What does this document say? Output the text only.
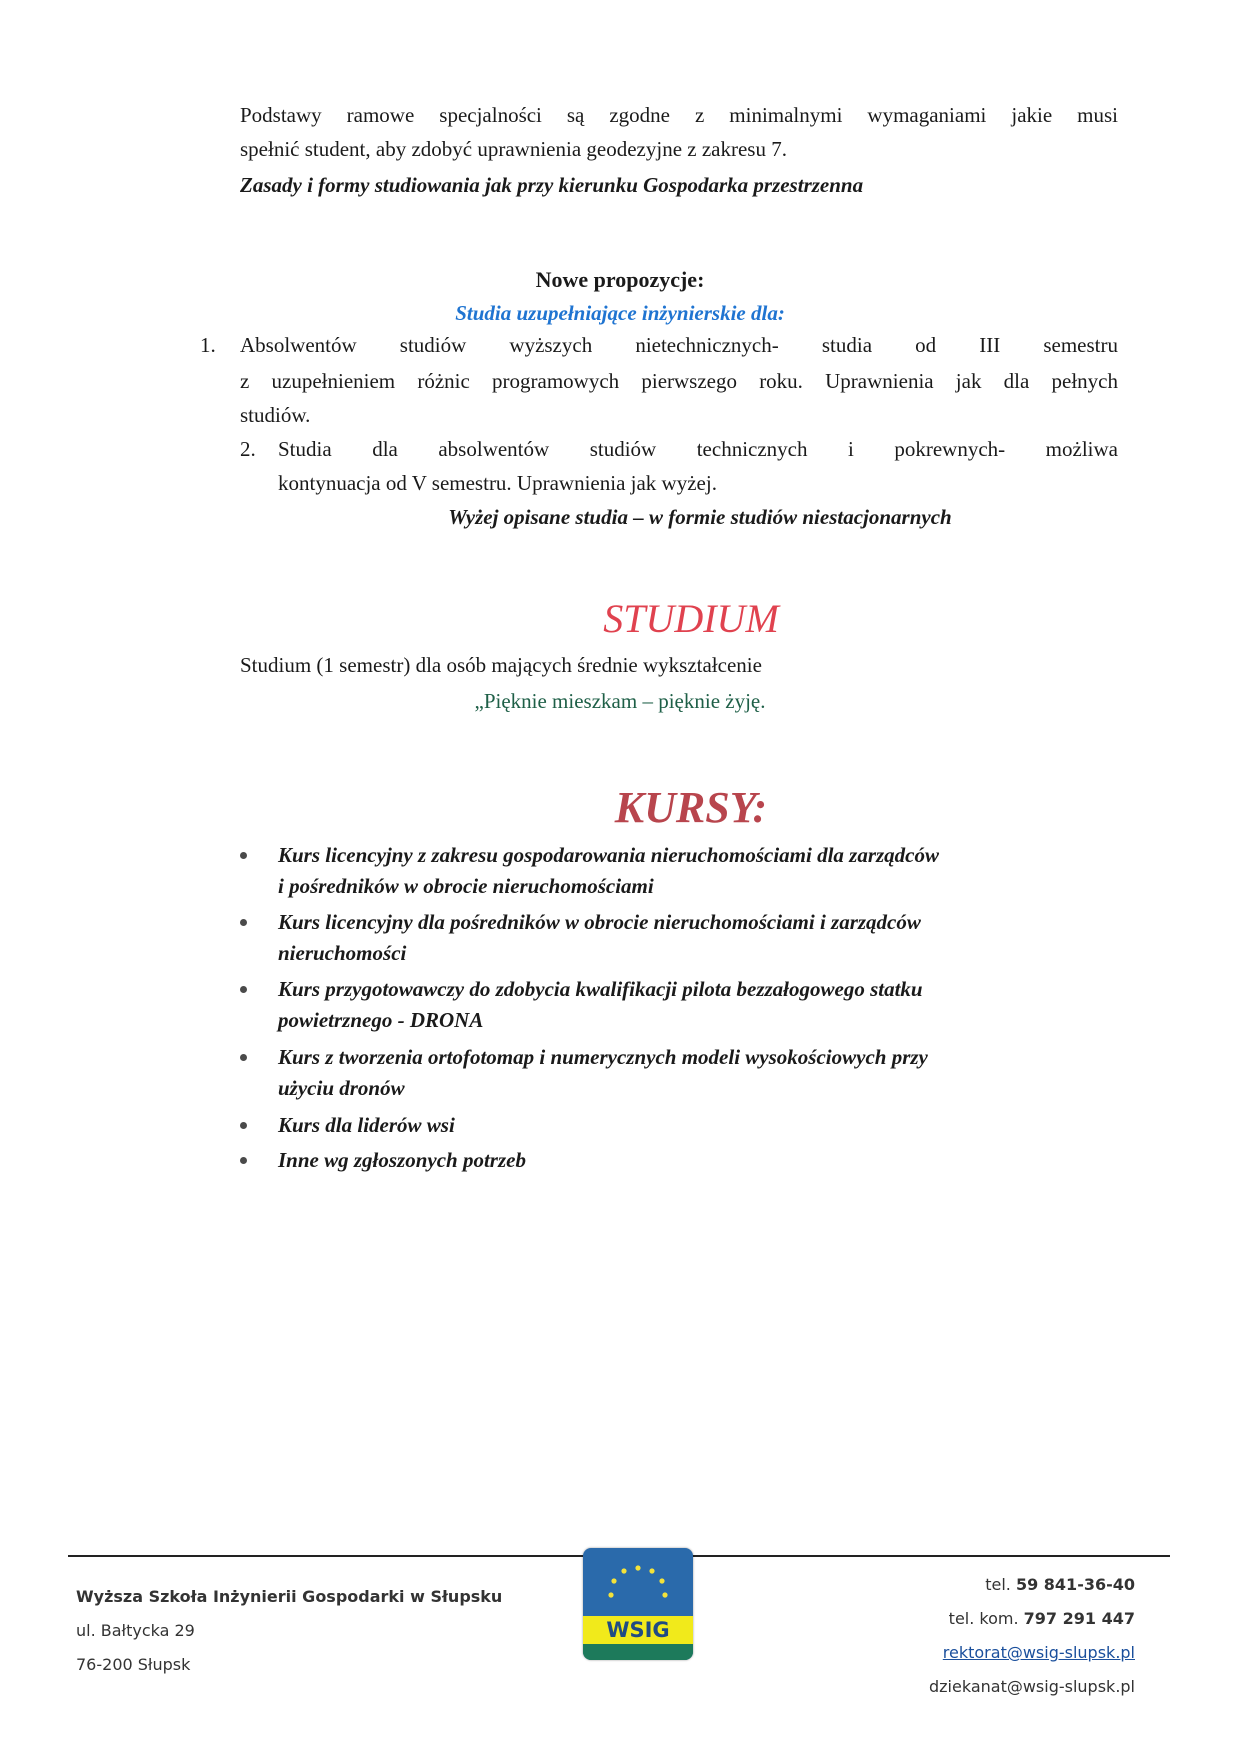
Podstawy ramowe specjalności są zgodne z minimalnymi wymaganiami jakie musi
spełnić student, aby zdobyć uprawnienia geodezyjne z zakresu 7.
Zasady i formy studiowania jak przy kierunku Gospodarka przestrzenna
Nowe propozycje:
Studia uzupełniające inżynierskie dla:
1. Absolwentów studiów wyższych nietechnicznych- studia od III semestru
z uzupełnieniem różnic programowych pierwszego roku. Uprawnienia jak dla pełnych
studiów.
2. Studia dla absolwentów studiów technicznych i pokrewnych- możliwa
kontynuacja od V semestru. Uprawnienia jak wyżej.
Wyżej opisane studia – w formie studiów niestacjonarnych
STUDIUM
Studium (1 semestr) dla osób mających średnie wykształcenie
„Pięknie mieszkam – pięknie żyję.
KURSY:
Kurs licencyjny z zakresu gospodarowania nieruchomościami dla zarządców
i pośredników w obrocie nieruchomościami
Kurs licencyjny dla pośredników w obrocie nieruchomościami i zarządców
nieruchomości
Kurs przygotowawczy do zdobycia kwalifikacji pilota bezzałogowego statku
powietrznego - DRONA
Kurs z tworzenia ortofotomap i numerycznych modeli wysokościowych przy
użyciu dronów
Kurs dla liderów wsi
Inne wg zgłoszonych potrzeb
Wyższa Szkoła Inżynierii Gospodarki w Słupsku
ul. Bałtycka 29
76-200 Słupsk
WSIG
tel. 59 841-36-40
tel. kom. 797 291 447
rektorat@wsig-slupsk.pl
dziekanat@wsig-slupsk.pl
